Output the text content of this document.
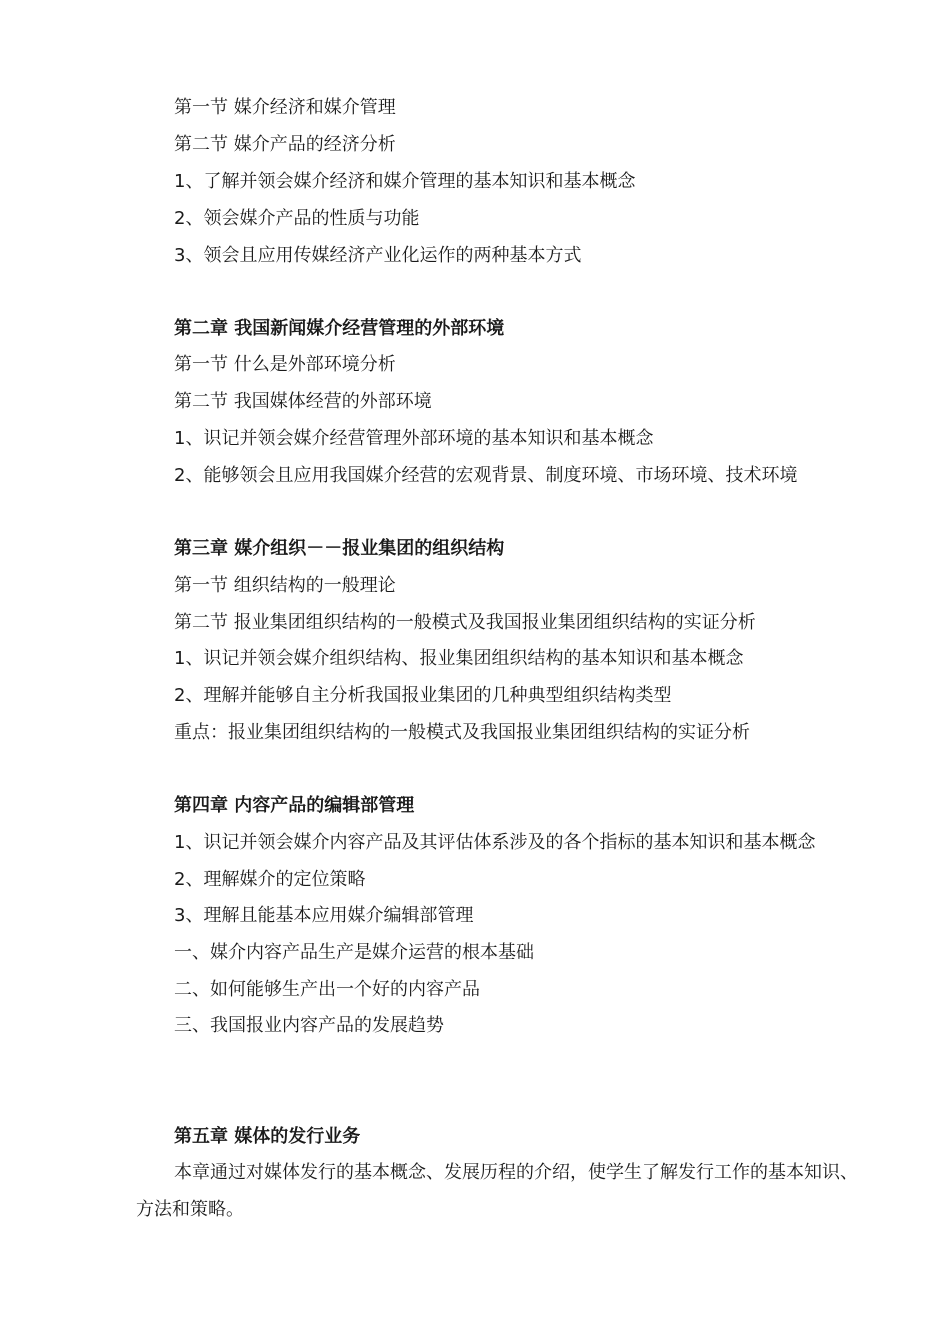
第一节 媒介经济和媒介管理
第二节 媒介产品的经济分析
1、了解并领会媒介经济和媒介管理的基本知识和基本概念
2、领会媒介产品的性质与功能
3、领会且应用传媒经济产业化运作的两种基本方式
第二章 我国新闻媒介经营管理的外部环境
第一节 什么是外部环境分析
第二节 我国媒体经营的外部环境
1、识记并领会媒介经营管理外部环境的基本知识和基本概念
2、能够领会且应用我国媒介经营的宏观背景、制度环境、市场环境、技术环境
第三章 媒介组织－－报业集团的组织结构
第一节 组织结构的一般理论
第二节 报业集团组织结构的一般模式及我国报业集团组织结构的实证分析
1、识记并领会媒介组织结构、报业集团组织结构的基本知识和基本概念
2、理解并能够自主分析我国报业集团的几种典型组织结构类型
重点：报业集团组织结构的一般模式及我国报业集团组织结构的实证分析
第四章 内容产品的编辑部管理
1、识记并领会媒介内容产品及其评估体系涉及的各个指标的基本知识和基本概念
2、理解媒介的定位策略
3、理解且能基本应用媒介编辑部管理
一、媒介内容产品生产是媒介运营的根本基础
二、如何能够生产出一个好的内容产品
三、我国报业内容产品的发展趋势
第五章 媒体的发行业务
本章通过对媒体发行的基本概念、发展历程的介绍，使学生了解发行工作的基本知识、方法和策略。
